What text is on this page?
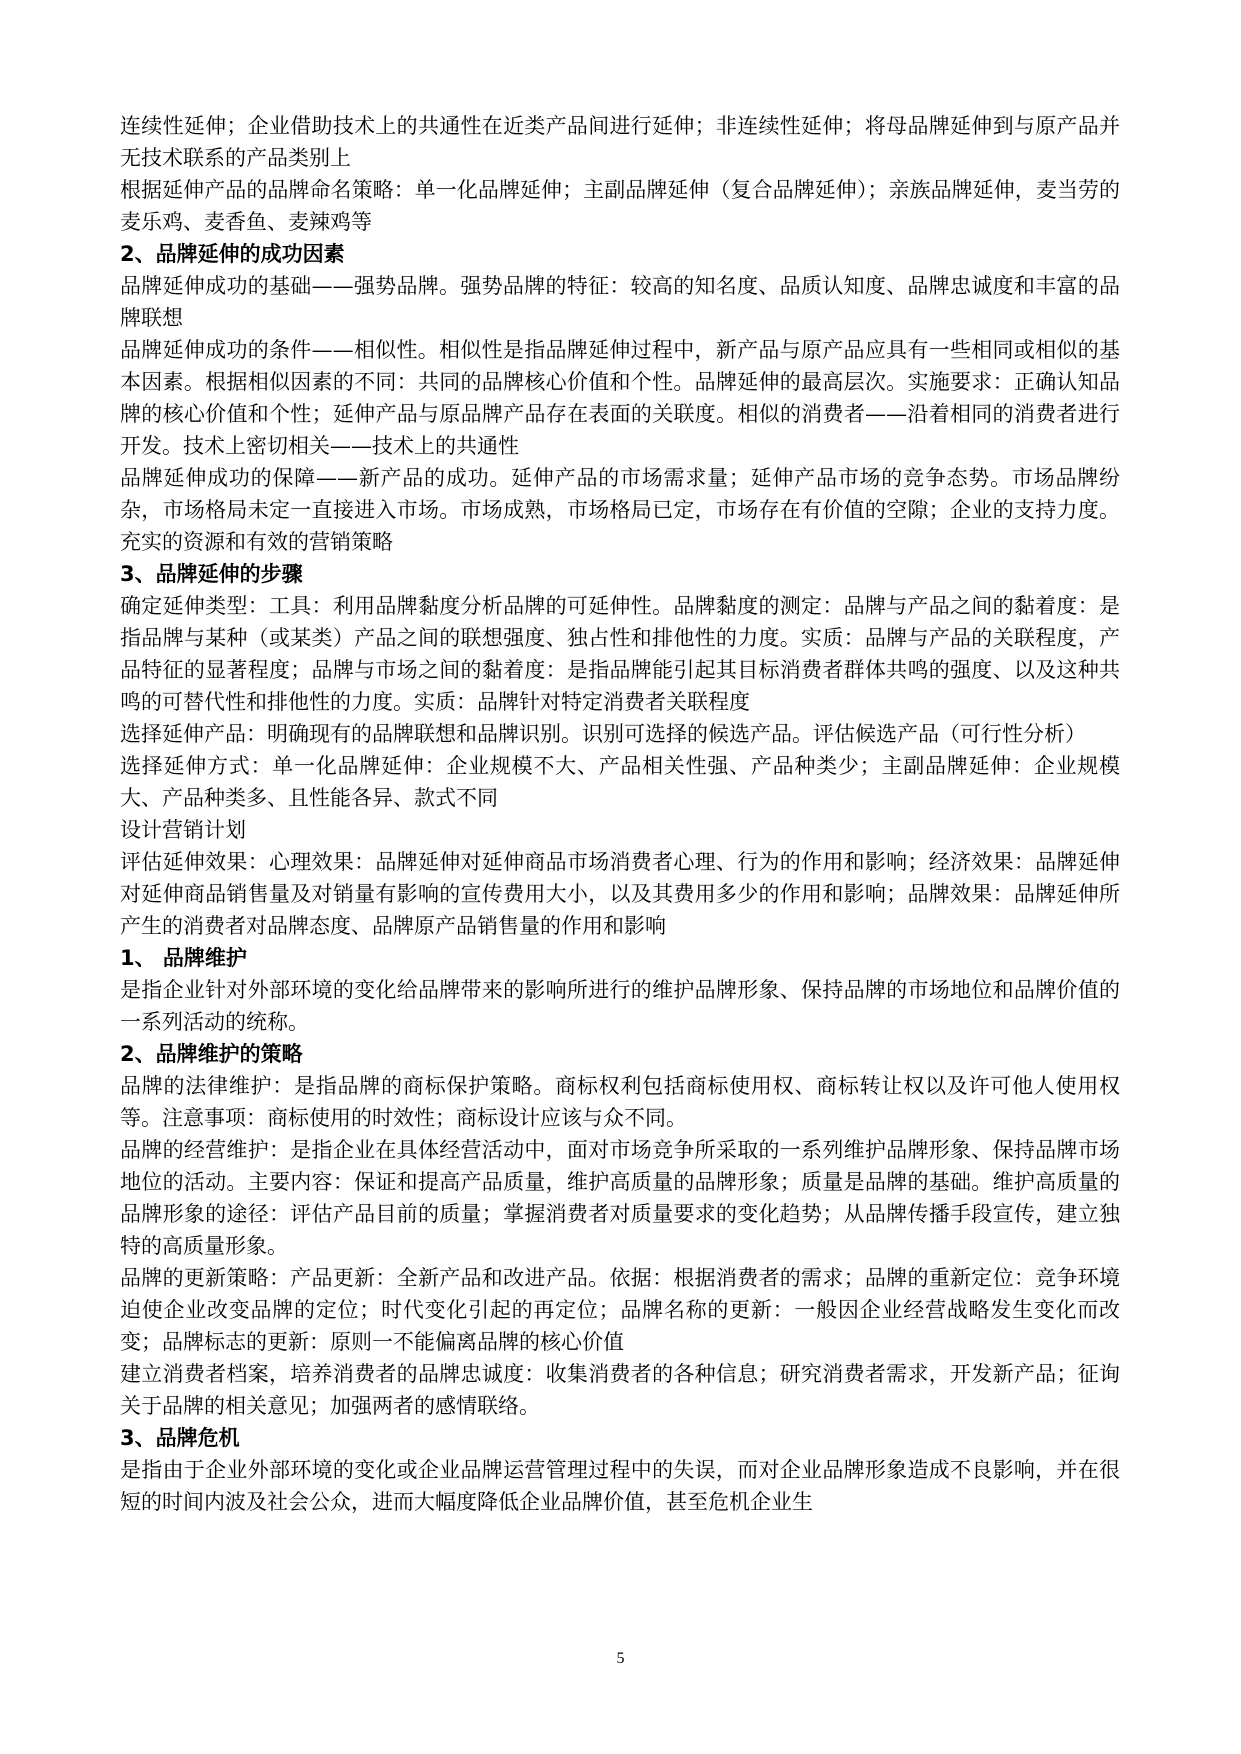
连续性延伸；企业借助技术上的共通性在近类产品间进行延伸；非连续性延伸；将母品牌延伸到与原产品并无技术联系的产品类别上

根据延伸产品的品牌命名策略：单一化品牌延伸；主副品牌延伸（复合品牌延伸）；亲族品牌延伸，麦当劳的麦乐鸡、麦香鱼、麦辣鸡等

2、品牌延伸的成功因素

品牌延伸成功的基础——强势品牌。强势品牌的特征：较高的知名度、品质认知度、品牌忠诚度和丰富的品牌联想

品牌延伸成功的条件——相似性。相似性是指品牌延伸过程中，新产品与原产品应具有一些相同或相似的基本因素。根据相似因素的不同：共同的品牌核心价值和个性。品牌延伸的最高层次。实施要求：正确认知品牌的核心价值和个性；延伸产品与原品牌产品存在表面的关联度。相似的消费者——沿着相同的消费者进行开发。技术上密切相关——技术上的共通性

品牌延伸成功的保障——新产品的成功。延伸产品的市场需求量；延伸产品市场的竞争态势。市场品牌纷杂，市场格局未定一直接进入市场。市场成熟，市场格局已定，市场存在有价值的空隙；企业的支持力度。充实的资源和有效的营销策略

3、品牌延伸的步骤

确定延伸类型：工具：利用品牌黏度分析品牌的可延伸性。品牌黏度的测定：品牌与产品之间的黏着度：是指品牌与某种（或某类）产品之间的联想强度、独占性和排他性的力度。实质：品牌与产品的关联程度，产品特征的显著程度；品牌与市场之间的黏着度：是指品牌能引起其目标消费者群体共鸣的强度、以及这种共鸣的可替代性和排他性的力度。实质：品牌针对特定消费者关联程度

选择延伸产品：明确现有的品牌联想和品牌识别。识别可选择的候选产品。评估候选产品（可行性分析）

选择延伸方式：单一化品牌延伸：企业规模不大、产品相关性强、产品种类少；主副品牌延伸：企业规模大、产品种类多、且性能各异、款式不同

设计营销计划

评估延伸效果：心理效果：品牌延伸对延伸商品市场消费者心理、行为的作用和影响；经济效果：品牌延伸对延伸商品销售量及对销量有影响的宣传费用大小，以及其费用多少的作用和影响；品牌效果：品牌延伸所产生的消费者对品牌态度、品牌原产品销售量的作用和影响

1、 品牌维护

是指企业针对外部环境的变化给品牌带来的影响所进行的维护品牌形象、保持品牌的市场地位和品牌价值的一系列活动的统称。

2、品牌维护的策略

品牌的法律维护：是指品牌的商标保护策略。商标权利包括商标使用权、商标转让权以及许可他人使用权等。注意事项：商标使用的时效性；商标设计应该与众不同。

品牌的经营维护：是指企业在具体经营活动中，面对市场竞争所采取的一系列维护品牌形象、保持品牌市场地位的活动。主要内容：保证和提高产品质量，维护高质量的品牌形象；质量是品牌的基础。维护高质量的品牌形象的途径：评估产品目前的质量；掌握消费者对质量要求的变化趋势；从品牌传播手段宣传，建立独特的高质量形象。

品牌的更新策略：产品更新：全新产品和改进产品。依据：根据消费者的需求；品牌的重新定位：竞争环境迫使企业改变品牌的定位；时代变化引起的再定位；品牌名称的更新：一般因企业经营战略发生变化而改变；品牌标志的更新：原则一不能偏离品牌的核心价值

建立消费者档案，培养消费者的品牌忠诚度：收集消费者的各种信息；研究消费者需求，开发新产品；征询关于品牌的相关意见；加强两者的感情联络。

3、品牌危机

是指由于企业外部环境的变化或企业品牌运营管理过程中的失误，而对企业品牌形象造成不良影响，并在很短的时间内波及社会公众，进而大幅度降低企业品牌价值，甚至危机企业生

5
